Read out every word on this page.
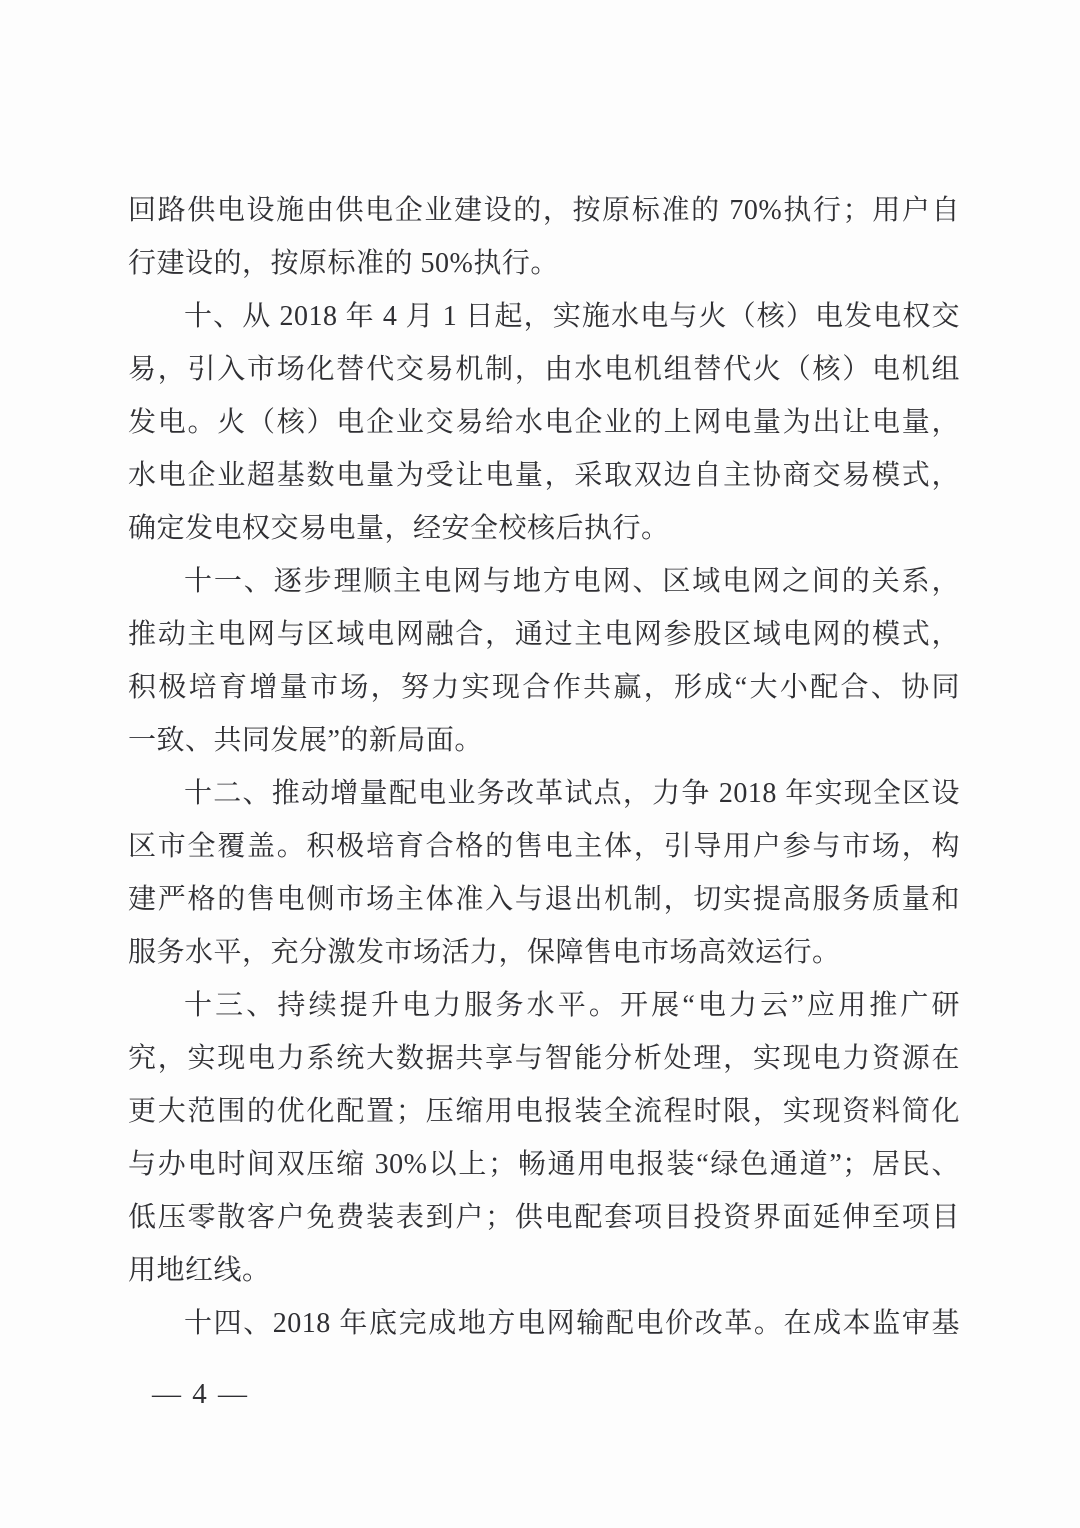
回路供电设施由供电企业建设的，按原标准的 70%执行；用户自
行建设的，按原标准的 50%执行。
十、从 2018 年 4 月 1 日起，实施水电与火（核）电发电权交
易，引入市场化替代交易机制，由水电机组替代火（核）电机组
发电。火（核）电企业交易给水电企业的上网电量为出让电量，
水电企业超基数电量为受让电量，采取双边自主协商交易模式，
确定发电权交易电量，经安全校核后执行。
十一、逐步理顺主电网与地方电网、区域电网之间的关系，
推动主电网与区域电网融合，通过主电网参股区域电网的模式，
积极培育增量市场，努力实现合作共赢，形成“大小配合、协同
一致、共同发展”的新局面。
十二、推动增量配电业务改革试点，力争 2018 年实现全区设
区市全覆盖。积极培育合格的售电主体，引导用户参与市场，构
建严格的售电侧市场主体准入与退出机制，切实提高服务质量和
服务水平，充分激发市场活力，保障售电市场高效运行。
十三、持续提升电力服务水平。开展“电力云”应用推广研
究，实现电力系统大数据共享与智能分析处理，实现电力资源在
更大范围的优化配置；压缩用电报装全流程时限，实现资料简化
与办电时间双压缩 30%以上；畅通用电报装“绿色通道”；居民、
低压零散客户免费装表到户；供电配套项目投资界面延伸至项目
用地红线。
十四、2018 年底完成地方电网输配电价改革。在成本监审基
— 4 —
